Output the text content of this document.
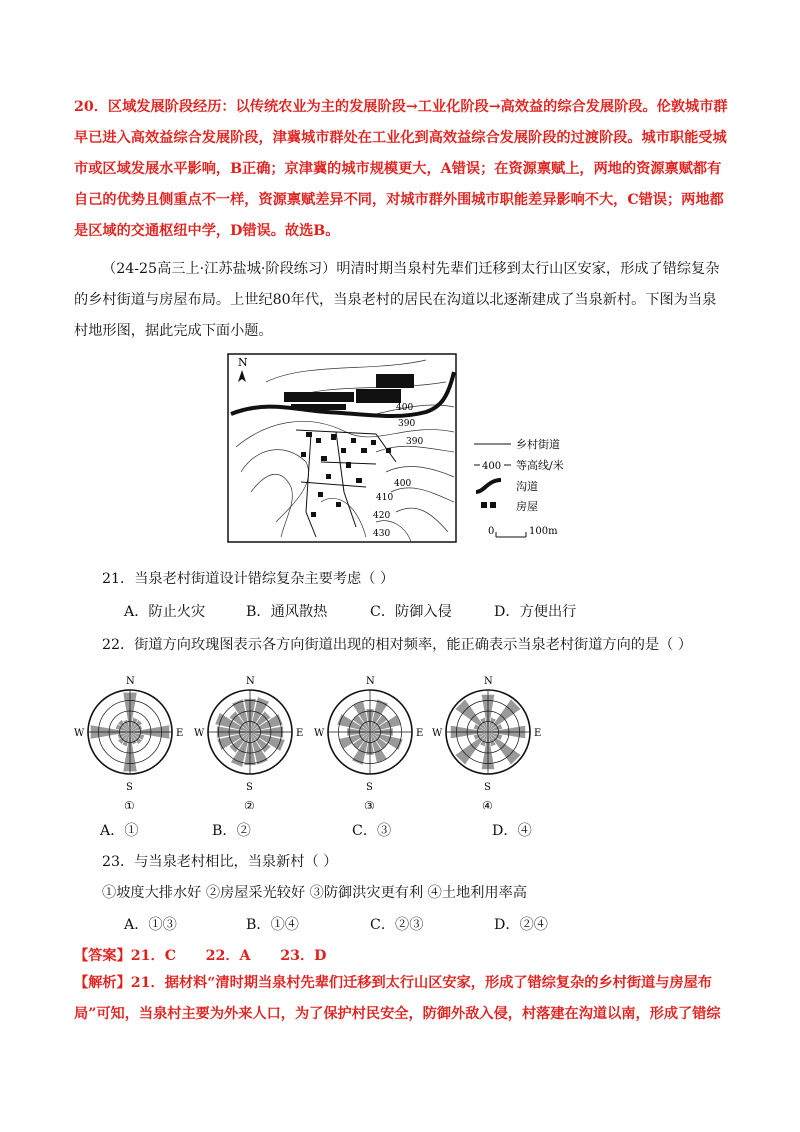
20．区域发展阶段经历：以传统农业为主的发展阶段→工业化阶段→高效益的综合发展阶段。伦敦城市群早已进入高效益综合发展阶段，津冀城市群处在工业化到高效益综合发展阶段的过渡阶段。城市职能受城市或区域发展水平影响，B正确；京津冀的城市规模更大，A错误；在资源禀赋上，两地的资源禀赋都有自己的优势且侧重点不一样，资源禀赋差异不同，对城市群外围城市职能差异影响不大，C错误；两地都是区域的交通枢纽中学，D错误。故选B。

（24-25高三上·江苏盐城·阶段练习）明清时期当泉村先辈们迁移到太行山区安家，形成了错综复杂的乡村街道与房屋布局。上世纪80年代，当泉老村的居民在沟道以北逐渐建成了当泉新村。下图为当泉村地形图，据此完成下面小题。

N
400
390
390
400
410
420
430
乡村街道
400 等高线/米
沟道
房屋
0	100m
21．当泉老村街道设计错综复杂主要考虑（ ）
A．防止火灾	B．通风散热	C．防御入侵	D．方便出行
22．街道方向玫瑰图表示各方向街道出现的相对频率，能正确表示当泉老村街道方向的是（ ）
N
S
W	E
①
N
S
W	E
②
N
S
W	E
③
N
S
W	E
④
A．①	B．②	C．③	D．④
23．与当泉老村相比，当泉新村（ ）
①坡度大排水好 ②房屋采光较好 ③防御洪灾更有利 ④土地利用率高
A．①③	B．①④	C．②③	D．②④
【答案】21．C      22．A      23．D

【解析】21．据材料“清时期当泉村先辈们迁移到太行山区安家，形成了错综复杂的乡村街道与房屋布局”可知，当泉村主要为外来人口，为了保护村民安全，防御外敌入侵，村落建在沟道以南，形成了错综
